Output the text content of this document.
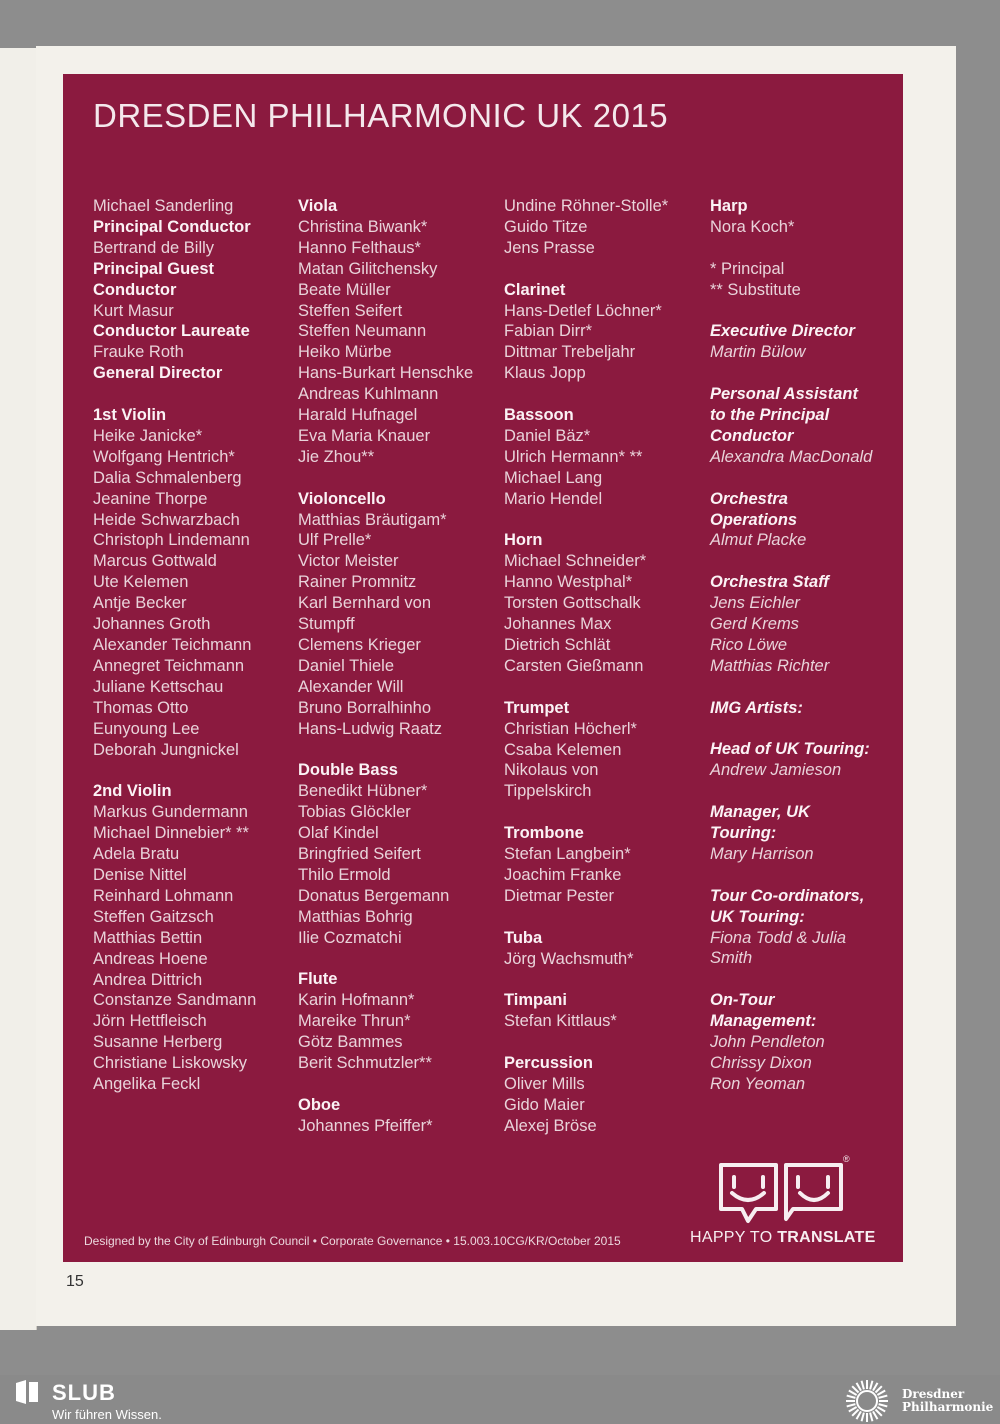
DRESDEN PHILHARMONIC UK 2015
Michael Sanderling
Principal Conductor
Bertrand de Billy
Principal Guest
Conductor
Kurt Masur
Conductor Laureate
Frauke Roth
General Director
1st Violin
Heike Janicke*
Wolfgang Hentrich*
Dalia Schmalenberg
Jeanine Thorpe
Heide Schwarzbach
Christoph Lindemann
Marcus Gottwald
Ute Kelemen
Antje Becker
Johannes Groth
Alexander Teichmann
Annegret Teichmann
Juliane Kettschau
Thomas Otto
Eunyoung Lee
Deborah Jungnickel
2nd Violin
Markus Gundermann
Michael Dinnebier* **
Adela Bratu
Denise Nittel
Reinhard Lohmann
Steffen Gaitzsch
Matthias Bettin
Andreas Hoene
Andrea Dittrich
Constanze Sandmann
Jörn Hettfleisch
Susanne Herberg
Christiane Liskowsky
Angelika Feckl
Viola
Christina Biwank*
Hanno Felthaus*
Matan Gilitchensky
Beate Müller
Steffen Seifert
Steffen Neumann
Heiko Mürbe
Hans-Burkart Henschke
Andreas Kuhlmann
Harald Hufnagel
Eva Maria Knauer
Jie Zhou**
Violoncello
Matthias Bräutigam*
Ulf Prelle*
Victor Meister
Rainer Promnitz
Karl Bernhard von
Stumpff
Clemens Krieger
Daniel Thiele
Alexander Will
Bruno Borralhinho
Hans-Ludwig Raatz
Double Bass
Benedikt Hübner*
Tobias Glöckler
Olaf Kindel
Bringfried Seifert
Thilo Ermold
Donatus Bergemann
Matthias Bohrig
Ilie Cozmatchi
Flute
Karin Hofmann*
Mareike Thrun*
Götz Bammes
Berit Schmutzler**
Oboe
Johannes Pfeiffer*
Undine Röhner-Stolle*
Guido Titze
Jens Prasse
Clarinet
Hans-Detlef Löchner*
Fabian Dirr*
Dittmar Trebeljahr
Klaus Jopp
Bassoon
Daniel Bäz*
Ulrich Hermann* **
Michael Lang
Mario Hendel
Horn
Michael Schneider*
Hanno Westphal*
Torsten Gottschalk
Johannes Max
Dietrich Schlät
Carsten Gießmann
Trumpet
Christian Höcherl*
Csaba Kelemen
Nikolaus von
Tippelskirch
Trombone
Stefan Langbein*
Joachim Franke
Dietmar Pester
Tuba
Jörg Wachsmuth*
Timpani
Stefan Kittlaus*
Percussion
Oliver Mills
Gido Maier
Alexej Bröse
Harp
Nora Koch*
* Principal
** Substitute
Executive Director
Martin Bülow
Personal Assistant
to the Principal
Conductor
Alexandra MacDonald
Orchestra
Operations
Almut Placke
Orchestra Staff
Jens Eichler
Gerd Krems
Rico Löwe
Matthias Richter
IMG Artists:
Head of UK Touring:
Andrew Jamieson
Manager, UK
Touring:
Mary Harrison
Tour Co-ordinators,
UK Touring:
Fiona Todd & Julia
Smith
On-Tour
Management:
John Pendleton
Chrissy Dixon
Ron Yeoman
Designed by the City of Edinburgh Council • Corporate Governance • 15.003.10CG/KR/October 2015
®
HAPPY TO TRANSLATE
15
SLUB
Wir führen Wissen.
Dresdner
Philharmonie
